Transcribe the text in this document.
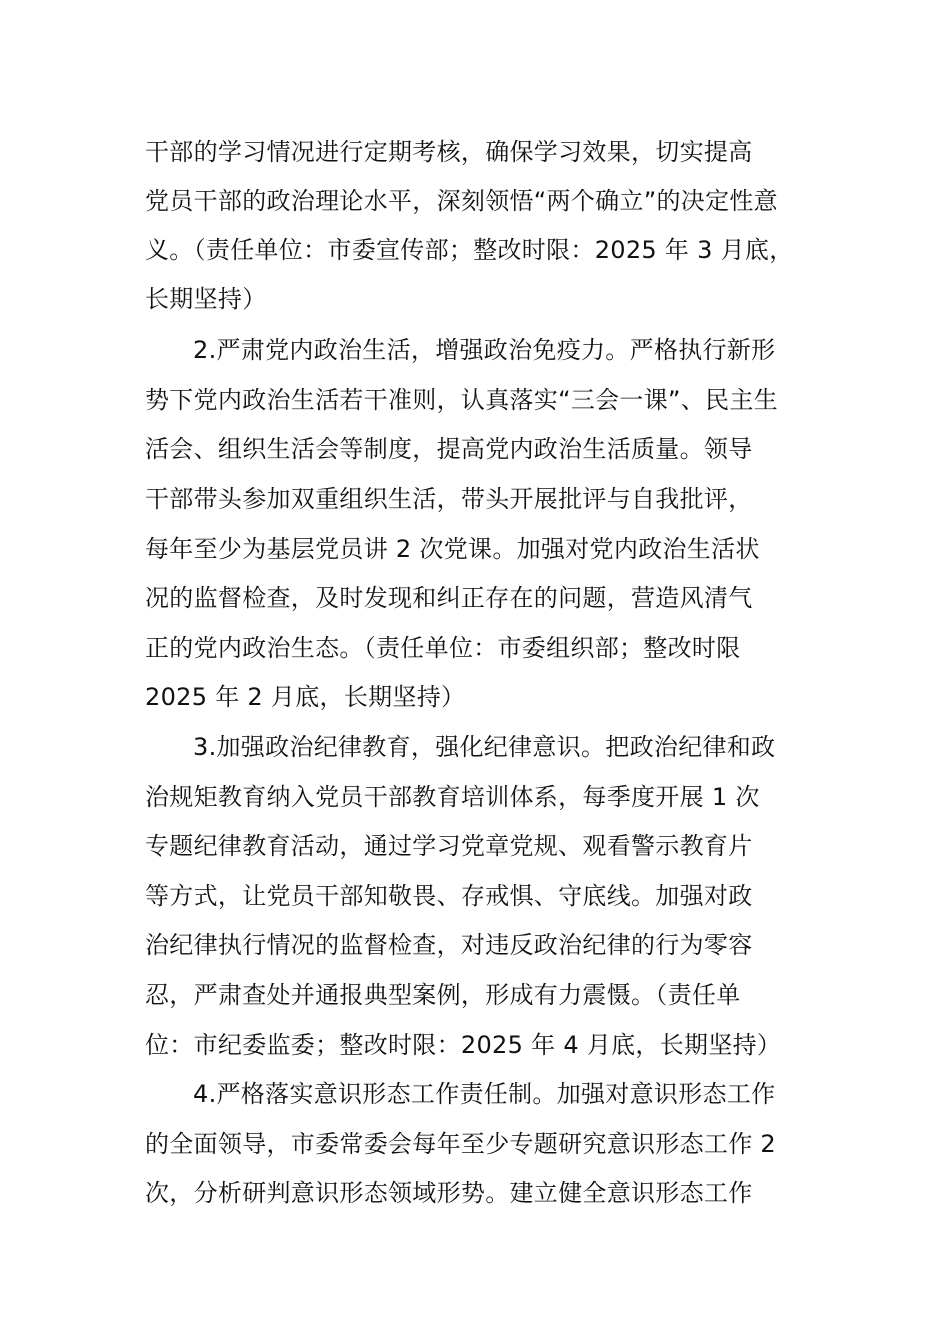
干部的学习情况进行定期考核，确保学习效果，切实提高
党员干部的政治理论水平，深刻领悟“两个确立”的决定性意
义。（责任单位：市委宣传部；整改时限：2025 年 3 月底，
长期坚持）
2.严肃党内政治生活，增强政治免疫力。严格执行新形
势下党内政治生活若干准则，认真落实“三会一课”、民主生
活会、组织生活会等制度，提高党内政治生活质量。领导
干部带头参加双重组织生活，带头开展批评与自我批评，
每年至少为基层党员讲 2 次党课。加强对党内政治生活状
况的监督检查，及时发现和纠正存在的问题，营造风清气
正的党内政治生态。（责任单位：市委组织部；整改时限
2025 年 2 月底，长期坚持）
3.加强政治纪律教育，强化纪律意识。把政治纪律和政
治规矩教育纳入党员干部教育培训体系，每季度开展 1 次
专题纪律教育活动，通过学习党章党规、观看警示教育片
等方式，让党员干部知敬畏、存戒惧、守底线。加强对政
治纪律执行情况的监督检查，对违反政治纪律的行为零容
忍，严肃查处并通报典型案例，形成有力震慑。（责任单
位：市纪委监委；整改时限：2025 年 4 月底，长期坚持）
4.严格落实意识形态工作责任制。加强对意识形态工作
的全面领导，市委常委会每年至少专题研究意识形态工作 2
次，分析研判意识形态领域形势。建立健全意识形态工作
